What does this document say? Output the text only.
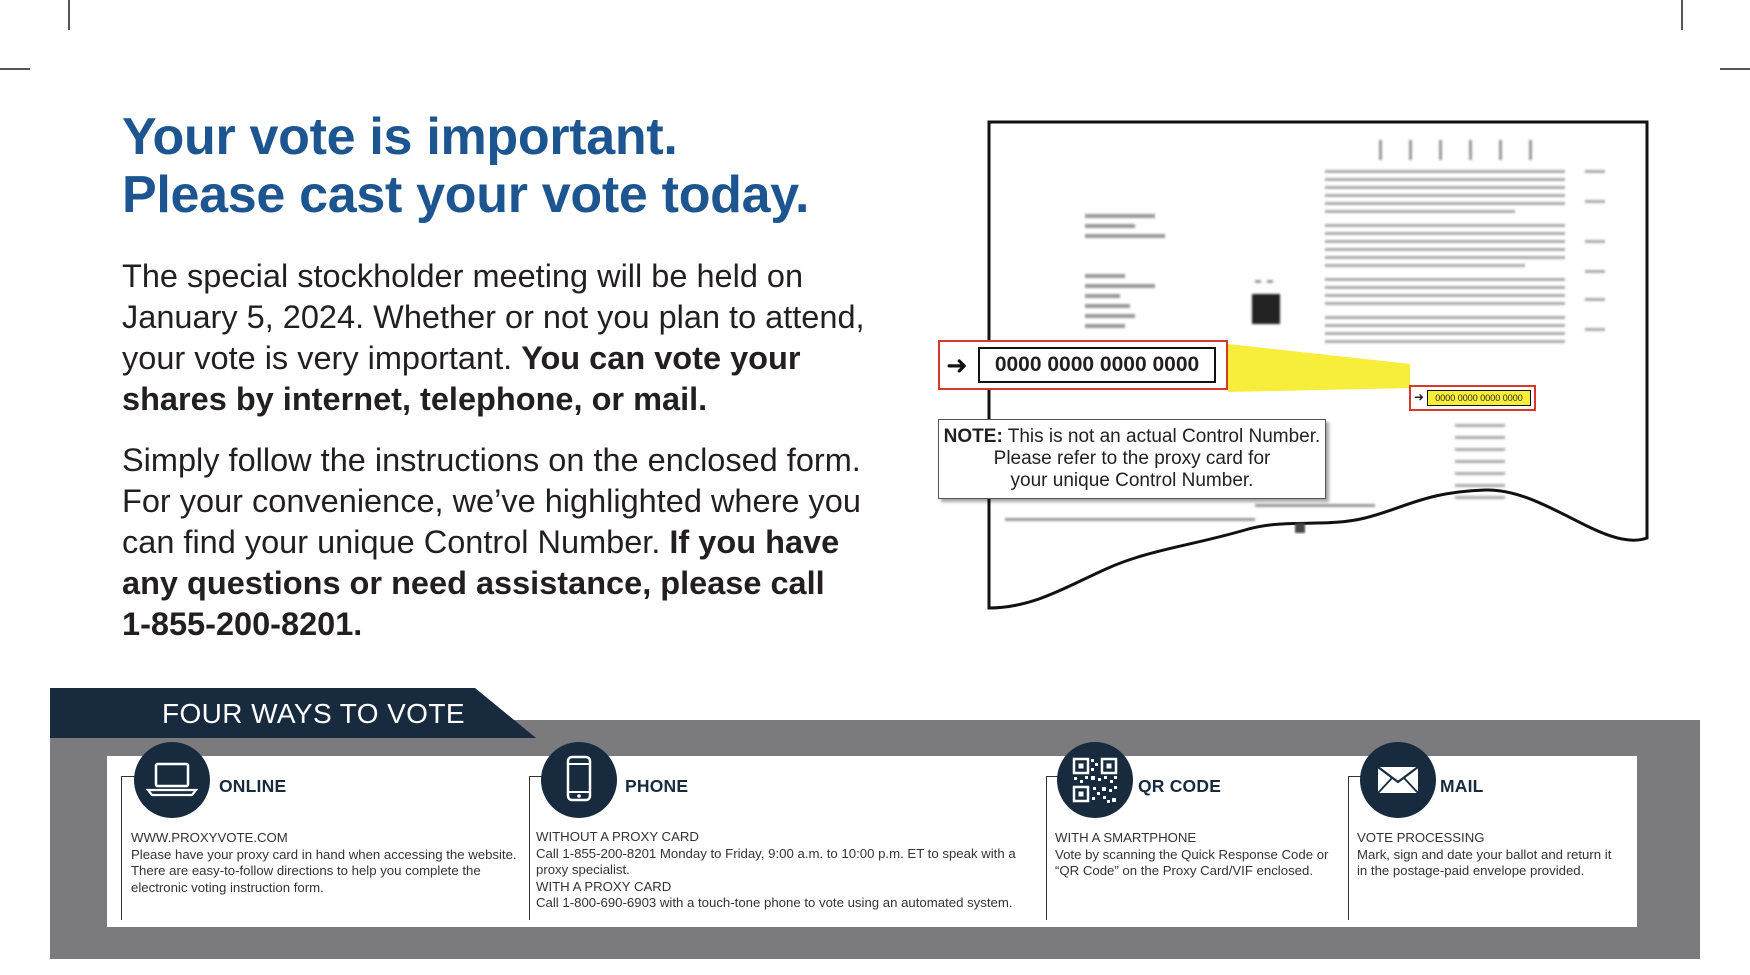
Your vote is important.
Please cast your vote today.

The special stockholder meeting will be held on
January 5, 2024. Whether or not you plan to attend,
your vote is very important. You can vote your
shares by internet, telephone, or mail.

Simply follow the instructions on the enclosed form.
For your convenience, we’ve highlighted where you
can find your unique Control Number. If you have
any questions or need assistance, please call
1-855-200-8201.

➜	0000 0000 0000 0000
➜	0000 0000 0000 0000
NOTE: This is not an actual Control Number.
Please refer to the proxy card for
your unique Control Number.
FOUR WAYS TO VOTE
ONLINE
WWW.PROXYVOTE.COM
Please have your proxy card in hand when accessing the website.
There are easy-to-follow directions to help you complete the
electronic voting instruction form.
PHONE
WITHOUT A PROXY CARD
Call 1-855-200-8201 Monday to Friday, 9:00 a.m. to 10:00 p.m. ET to speak with a
proxy specialist.
WITH A PROXY CARD
Call 1-800-690-6903 with a touch-tone phone to vote using an automated system.
QR CODE
WITH A SMARTPHONE
Vote by scanning the Quick Response Code or
“QR Code” on the Proxy Card/VIF enclosed.
MAIL
VOTE PROCESSING
Mark, sign and date your ballot and return it
in the postage-paid envelope provided.
